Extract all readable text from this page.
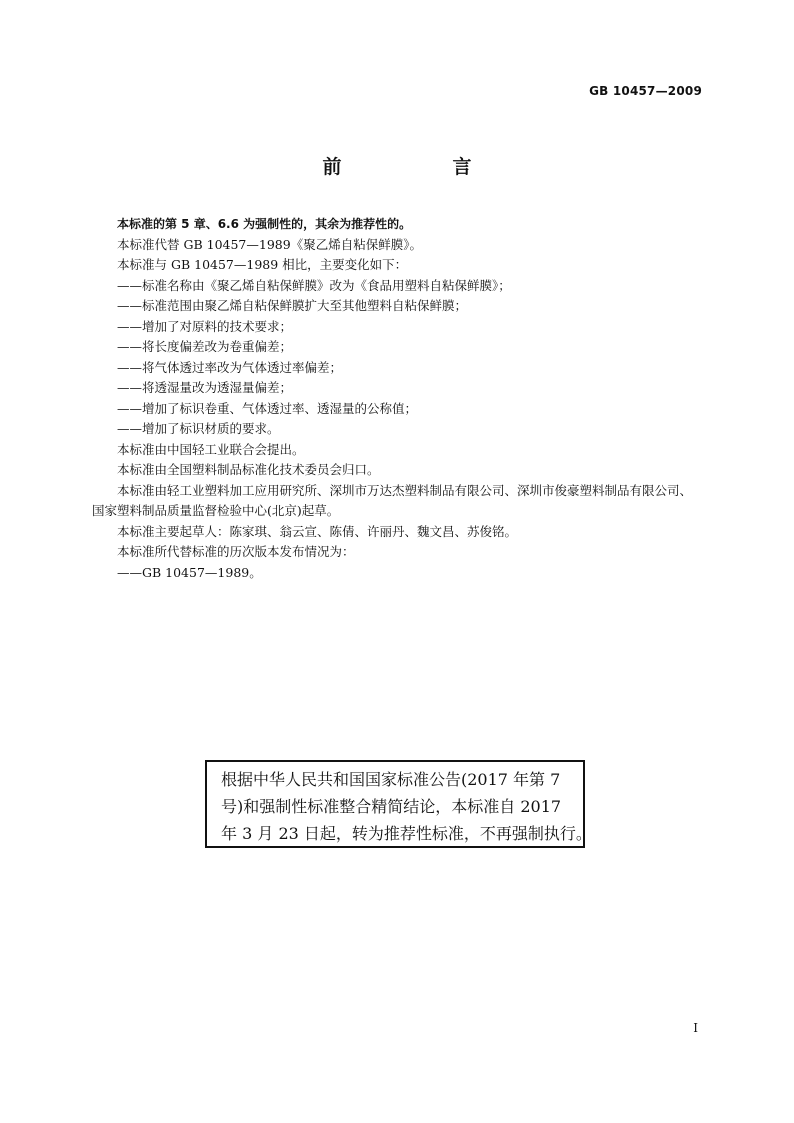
GB 10457—2009
前　言

本标准的第 5 章、6.6 为强制性的，其余为推荐性的。

本标准代替 GB 10457—1989《聚乙烯自粘保鲜膜》。

本标准与 GB 10457—1989 相比，主要变化如下：

——标准名称由《聚乙烯自粘保鲜膜》改为《食品用塑料自粘保鲜膜》；

——标准范围由聚乙烯自粘保鲜膜扩大至其他塑料自粘保鲜膜；

——增加了对原料的技术要求；

——将长度偏差改为卷重偏差；

——将气体透过率改为气体透过率偏差；

——将透湿量改为透湿量偏差；

——增加了标识卷重、气体透过率、透湿量的公称值；

——增加了标识材质的要求。

本标准由中国轻工业联合会提出。

本标准由全国塑料制品标准化技术委员会归口。

本标准由轻工业塑料加工应用研究所、深圳市万达杰塑料制品有限公司、深圳市俊豪塑料制品有限公司、国家塑料制品质量监督检验中心(北京)起草。

本标准主要起草人：陈家琪、翁云宣、陈倩、许丽丹、魏文昌、苏俊铭。

本标准所代替标准的历次版本发布情况为：

——GB 10457—1989。

根据中华人民共和国国家标准公告(2017 年第 7
号)和强制性标准整合精简结论，本标准自 2017
年 3 月 23 日起，转为推荐性标准，不再强制执行。
I
